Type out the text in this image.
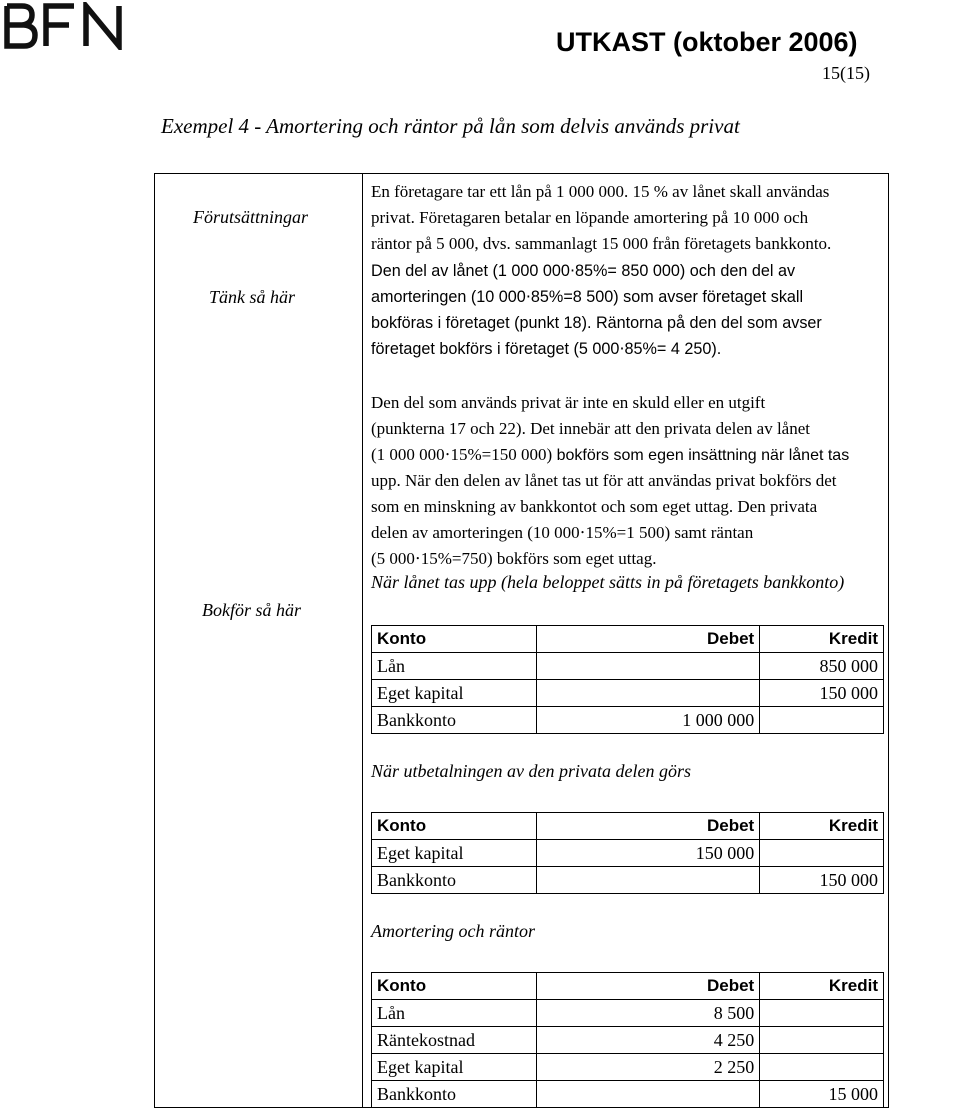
BFN
UTKAST (oktober 2006)
15(15)
Exempel 4 - Amortering och räntor på lån som delvis används privat
Förutsättningar
Tänk så här
Bokför så här
En företagare tar ett lån på 1 000 000. 15 % av lånet skall användas
privat. Företagaren betalar en löpande amortering på 10 000 och
räntor på 5 000, dvs. sammanlagt 15 000 från företagets bankkonto.
Den del av lånet (1 000 000⋅85%= 850 000) och den del av
amorteringen (10 000⋅85%=8 500) som avser företaget skall
bokföras i företaget (punkt 18). Räntorna på den del som avser
företaget bokförs i företaget (5 000⋅85%= 4 250).
Den del som används privat är inte en skuld eller en utgift
(punkterna 17 och 22). Det innebär att den privata delen av lånet
(1 000 000⋅15%=150 000) bokförs som egen insättning när lånet tas
upp. När den delen av lånet tas ut för att användas privat bokförs det
som en minskning av bankkontot och som eget uttag. Den privata
delen av amorteringen (10 000⋅15%=1 500) samt räntan
(5 000⋅15%=750) bokförs som eget uttag.
När lånet tas upp (hela beloppet sätts in på företagets bankkonto)
Konto	Debet	Kredit
Lån		850 000
Eget kapital		150 000
Bankkonto	1 000 000	
När utbetalningen av den privata delen görs
Konto	Debet	Kredit
Eget kapital	150 000	
Bankkonto		150 000
Amortering och räntor
Konto	Debet	Kredit
Lån	8 500	
Räntekostnad	4 250	
Eget kapital	2 250	
Bankkonto		15 000
